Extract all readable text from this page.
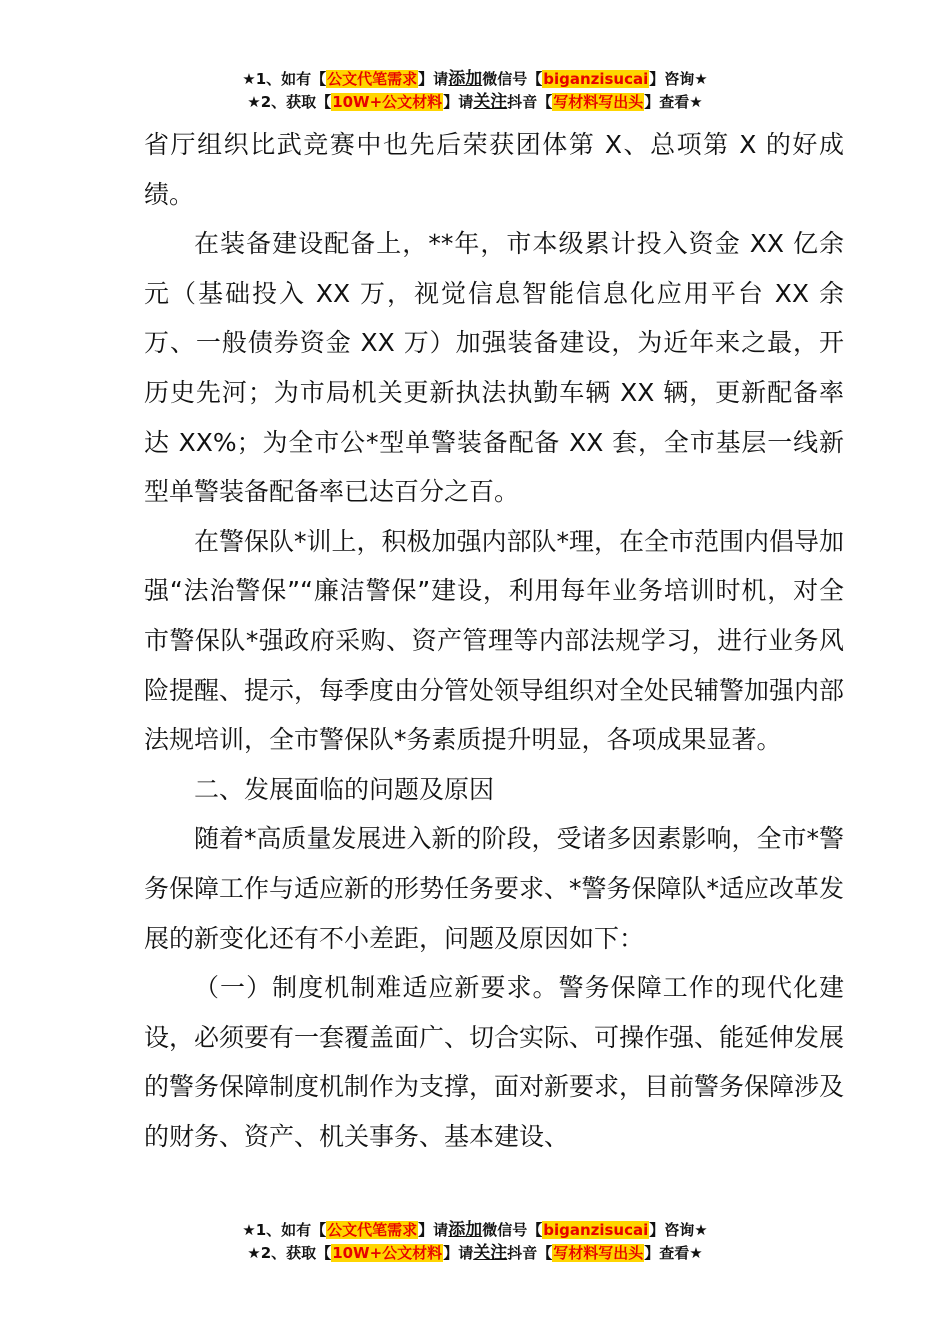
★1、如有【公文代笔需求】请添加微信号【biganzisucai】咨询★
★2、获取【10W+公文材料】请关注抖音【写材料写出头】查看★

省厅组织比武竞赛中也先后荣获团体第 X、总项第 X 的好成绩。

在装备建设配备上，**年，市本级累计投入资金 XX 亿余元（基础投入 XX 万，视觉信息智能信息化应用平台 XX 余万、一般债券资金 XX 万）加强装备建设，为近年来之最，开历史先河；为市局机关更新执法执勤车辆 XX 辆，更新配备率达 XX%；为全市公*型单警装备配备 XX 套，全市基层一线新型单警装备配备率已达百分之百。

在警保队*训上，积极加强内部队*理，在全市范围内倡导加强“法治警保”“廉洁警保”建设，利用每年业务培训时机，对全市警保队*强政府采购、资产管理等内部法规学习，进行业务风险提醒、提示，每季度由分管处领导组织对全处民辅警加强内部法规培训，全市警保队*务素质提升明显，各项成果显著。

二、发展面临的问题及原因

随着*高质量发展进入新的阶段，受诸多因素影响，全市*警务保障工作与适应新的形势任务要求、*警务保障队*适应改革发展的新变化还有不小差距，问题及原因如下：

（一）制度机制难适应新要求。警务保障工作的现代化建设，必须要有一套覆盖面广、切合实际、可操作强、能延伸发展的警务保障制度机制作为支撑，面对新要求，目前警务保障涉及的财务、资产、机关事务、基本建设、

★1、如有【公文代笔需求】请添加微信号【biganzisucai】咨询★
★2、获取【10W+公文材料】请关注抖音【写材料写出头】查看★
